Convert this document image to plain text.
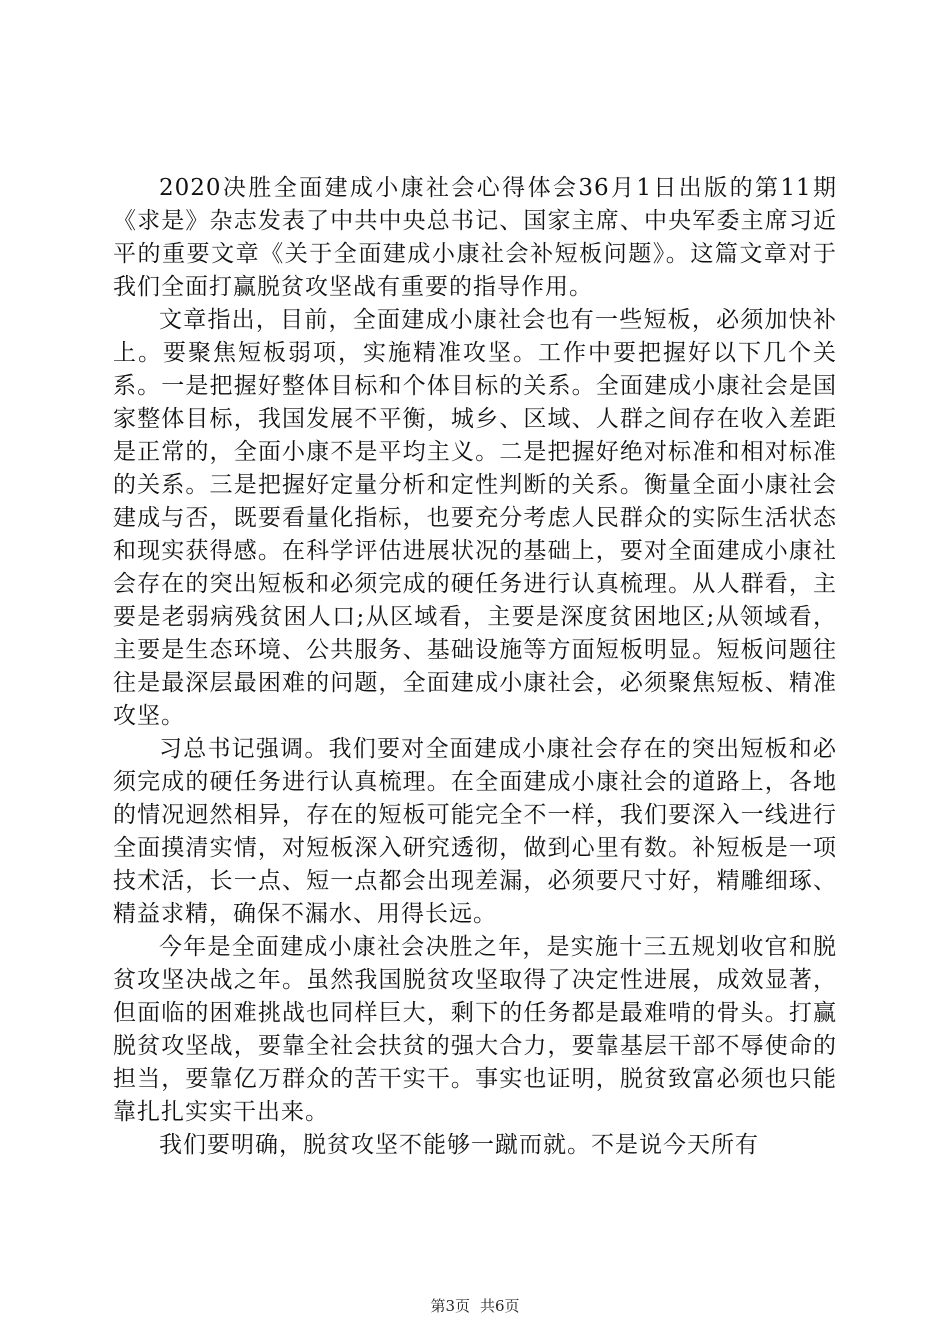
2020决胜全面建成小康社会心得体会36月1日出版的第11期《求是》杂志发表了中共中央总书记、国家主席、中央军委主席习近平的重要文章《关于全面建成小康社会补短板问题》。这篇文章对于我们全面打赢脱贫攻坚战有重要的指导作用。

文章指出，目前，全面建成小康社会也有一些短板，必须加快补上。要聚焦短板弱项，实施精准攻坚。工作中要把握好以下几个关系。一是把握好整体目标和个体目标的关系。全面建成小康社会是国家整体目标，我国发展不平衡，城乡、区域、人群之间存在收入差距是正常的，全面小康不是平均主义。二是把握好绝对标准和相对标准的关系。三是把握好定量分析和定性判断的关系。衡量全面小康社会建成与否，既要看量化指标，也要充分考虑人民群众的实际生活状态和现实获得感。在科学评估进展状况的基础上，要对全面建成小康社会存在的突出短板和必须完成的硬任务进行认真梳理。从人群看，主要是老弱病残贫困人口;从区域看，主要是深度贫困地区;从领域看，主要是生态环境、公共服务、基础设施等方面短板明显。短板问题往往是最深层最困难的问题，全面建成小康社会，必须聚焦短板、精准攻坚。

习总书记强调。我们要对全面建成小康社会存在的突出短板和必须完成的硬任务进行认真梳理。在全面建成小康社会的道路上，各地的情况迥然相异，存在的短板可能完全不一样，我们要深入一线进行全面摸清实情，对短板深入研究透彻，做到心里有数。补短板是一项技术活，长一点、短一点都会出现差漏，必须要尺寸好，精雕细琢、精益求精，确保不漏水、用得长远。

今年是全面建成小康社会决胜之年，是实施十三五规划收官和脱贫攻坚决战之年。虽然我国脱贫攻坚取得了决定性进展，成效显著，但面临的困难挑战也同样巨大，剩下的任务都是最难啃的骨头。打赢脱贫攻坚战，要靠全社会扶贫的强大合力，要靠基层干部不辱使命的担当，要靠亿万群众的苦干实干。事实也证明，脱贫致富必须也只能靠扎扎实实干出来。

我们要明确，脱贫攻坚不能够一蹴而就。不是说今天所有

第3页 共6页
